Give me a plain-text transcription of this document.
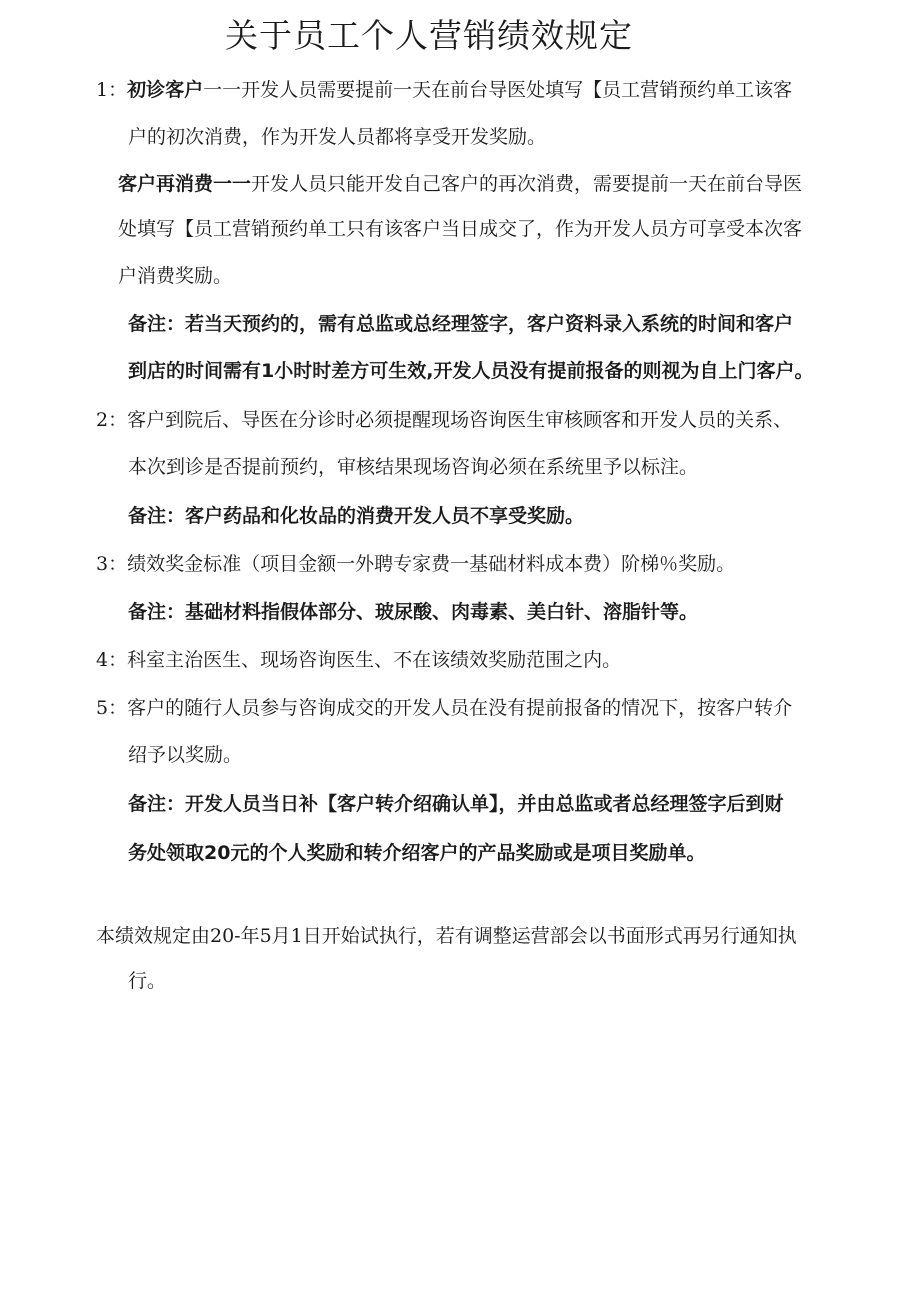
关于员工个人营销绩效规定
1：初诊客户一一开发人员需要提前一天在前台导医处填写【员工营销预约单工该客
户的初次消费，作为开发人员都将享受开发奖励。
客户再消费一一开发人员只能开发自己客户的再次消费，需要提前一天在前台导医
处填写【员工营销预约单工只有该客户当日成交了，作为开发人员方可享受本次客
户消费奖励。
备注：若当天预约的，需有总监或总经理签字，客户资料录入系统的时间和客户
到店的时间需有1小时时差方可生效,开发人员没有提前报备的则视为自上门客户。
2：客户到院后、导医在分诊时必须提醒现场咨询医生审核顾客和开发人员的关系、
本次到诊是否提前预约，审核结果现场咨询必须在系统里予以标注。
备注：客户药品和化妆品的消费开发人员不享受奖励。
3：绩效奖金标准（项目金额一外聘专家费一基础材料成本费）阶梯％奖励。
备注：基础材料指假体部分、玻尿酸、肉毒素、美白针、溶脂针等。
4：科室主治医生、现场咨询医生、不在该绩效奖励范围之内。
5：客户的随行人员参与咨询成交的开发人员在没有提前报备的情况下，按客户转介
绍予以奖励。
备注：开发人员当日补【客户转介绍确认单】，并由总监或者总经理签字后到财
务处领取20元的个人奖励和转介绍客户的产品奖励或是项目奖励单。
本绩效规定由20-年5月1日开始试执行，若有调整运营部会以书面形式再另行通知执
行。
